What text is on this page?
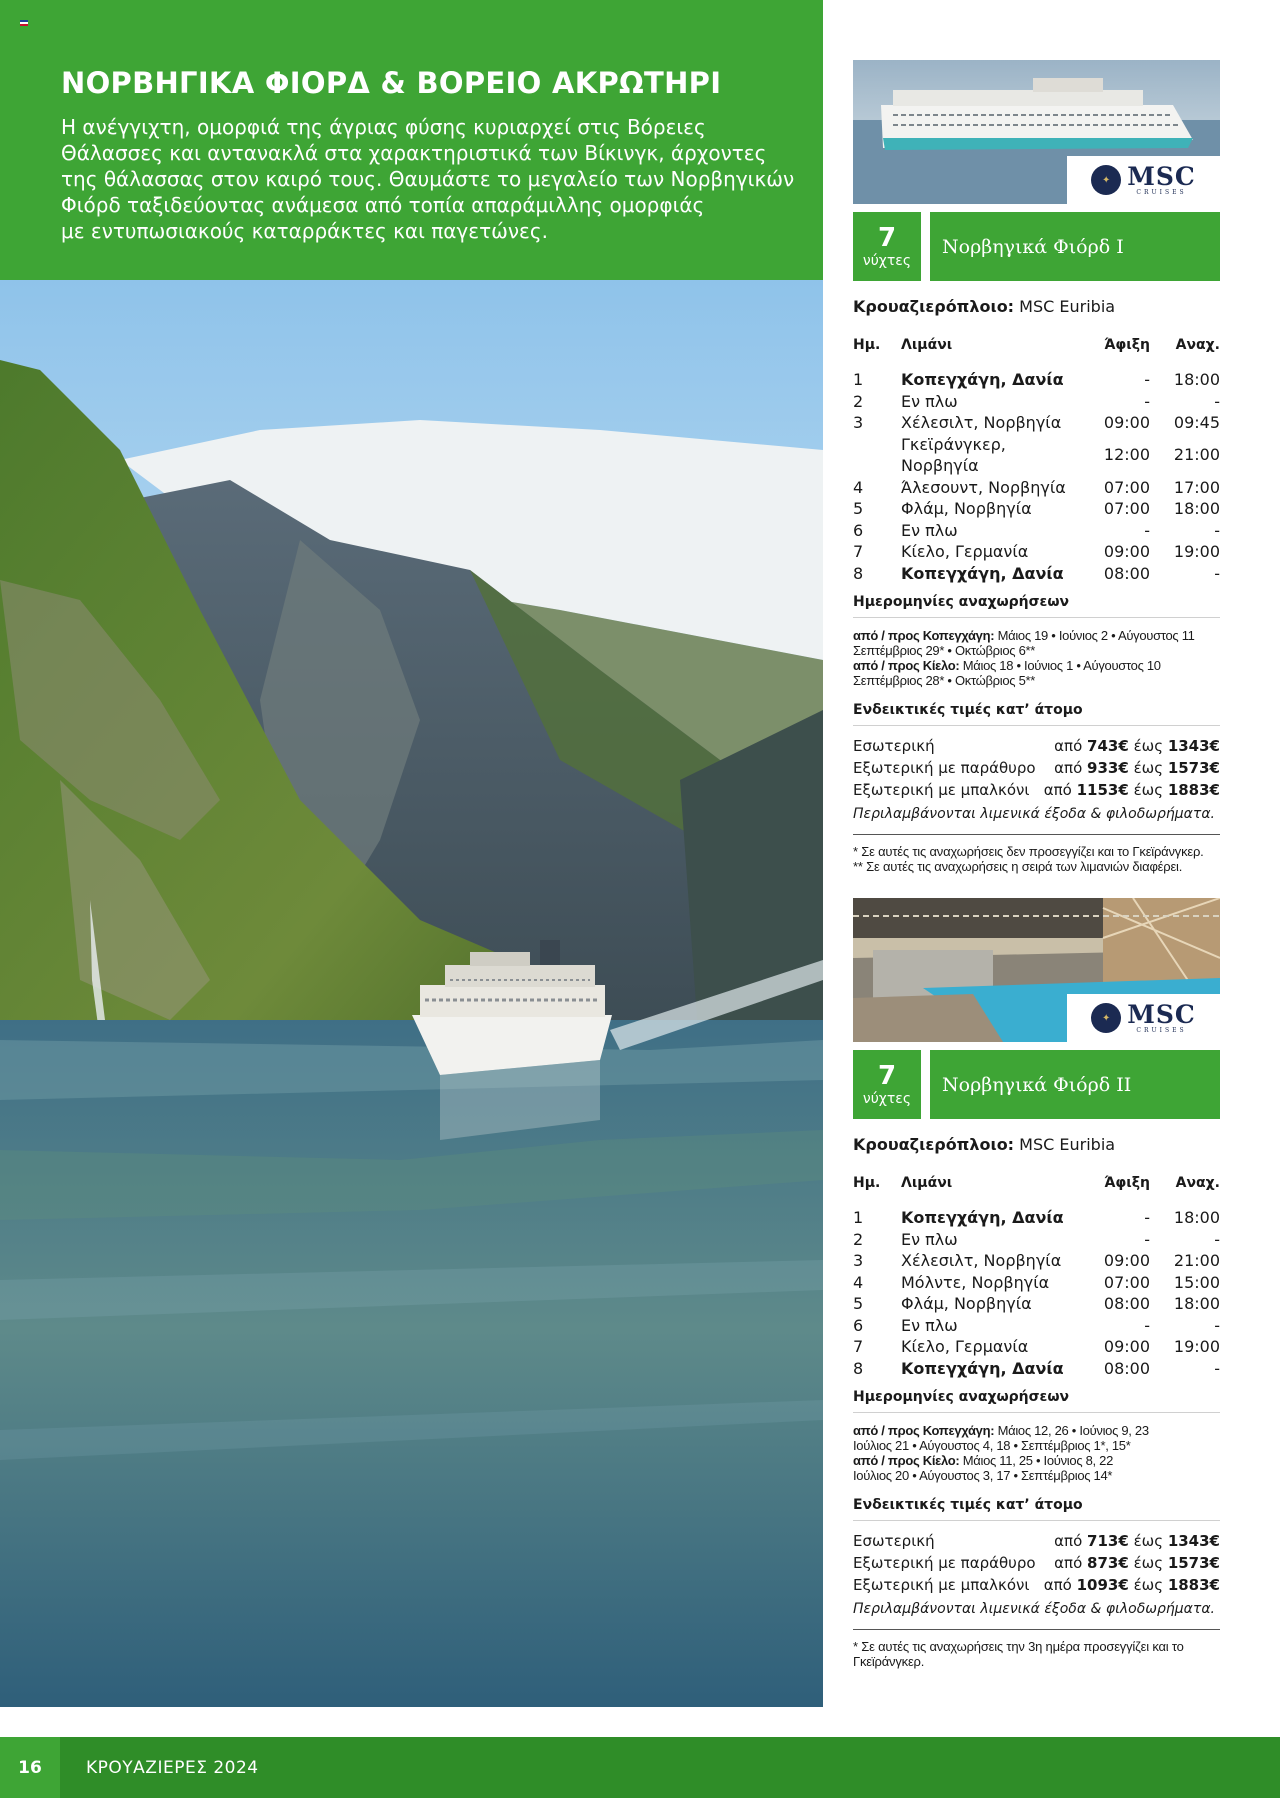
ΝΟΡΒΗΓΙΚΑ ΦΙΟΡΔ & ΒΟΡΕΙΟ ΑΚΡΩΤΗΡΙ

Η ανέγγιχτη, ομορφιά της άγριας φύσης κυριαρχεί στις Βόρειες
Θάλασσες και αντανακλά στα χαρακτηριστικά των Βίκινγκ, άρχοντες
της θάλασσας στον καιρό τους. Θαυμάστε το μεγαλείο των Νορβηγικών
Φιόρδ ταξιδεύοντας ανάμεσα από τοπία απαράμιλλης ομορφιάς
με εντυπωσιακούς καταρράκτες και παγετώνες.

✦ MSC
CRUISES
7
νύχτες
Νορβηγικά Φιόρδ Ι
Κρουαζιερόπλοιο: MSC Euribia
Ημ.	Λιμάνι	Άφιξη	Αναχ.
1	Κοπεγχάγη, Δανία	-	18:00
2	Εν πλω	-	-
3	Χέλεσιλτ, Νορβηγία	09:00	09:45
	Γκεϊράνγκερ, Νορβηγία	12:00	21:00
4	Άλεσουντ, Νορβηγία	07:00	17:00
5	Φλάμ, Νορβηγία	07:00	18:00
6	Εν πλω	-	-
7	Κίελο, Γερμανία	09:00	19:00
8	Κοπεγχάγη, Δανία	08:00	-
Ημερομηνίες αναχωρήσεων
από / προς Κοπεγχάγη: Μάιος 19 • Ιούνιος 2 • Αύγουστος 11
Σεπτέμβριος 29* • Οκτώβριος 6**
από / προς Κίελο: Μάιος 18 • Ιούνιος 1 • Αύγουστος 10
Σεπτέμβριος 28* • Οκτώβριος 5**
Ενδεικτικές τιμές κατ’ άτομο
Εσωτερική	από 743€ έως 1343€
Εξωτερική με παράθυρο από 933€ έως 1573€
Εξωτερική με μπαλκόνι από 1153€ έως 1883€
Περιλαμβάνονται λιμενικά έξοδα & φιλοδωρήματα.
* Σε αυτές τις αναχωρήσεις δεν προσεγγίζει και το Γκεϊράνγκερ.
** Σε αυτές τις αναχωρήσεις η σειρά των λιμανιών διαφέρει.
✦ MSC
CRUISES
7
νύχτες
Νορβηγικά Φιόρδ ΙΙ
Κρουαζιερόπλοιο: MSC Euribia
Ημ.	Λιμάνι	Άφιξη	Αναχ.
1	Κοπεγχάγη, Δανία	-	18:00
2	Εν πλω	-	-
3	Χέλεσιλτ, Νορβηγία	09:00	21:00
4	Μόλντε, Νορβηγία	07:00	15:00
5	Φλάμ, Νορβηγία	08:00	18:00
6	Εν πλω	-	-
7	Κίελο, Γερμανία	09:00	19:00
8	Κοπεγχάγη, Δανία	08:00	-
Ημερομηνίες αναχωρήσεων
από / προς Κοπεγχάγη: Μάιος 12, 26 • Ιούνιος 9, 23
Ιούλιος 21 • Αύγουστος 4, 18 • Σεπτέμβριος 1*, 15*
από / προς Κίελο: Μάιος 11, 25 • Ιούνιος 8, 22
Ιούλιος 20 • Αύγουστος 3, 17 • Σεπτέμβριος 14*
Ενδεικτικές τιμές κατ’ άτομο
Εσωτερική	από 713€ έως 1343€
Εξωτερική με παράθυρο από 873€ έως 1573€
Εξωτερική με μπαλκόνι από 1093€ έως 1883€
Περιλαμβάνονται λιμενικά έξοδα & φιλοδωρήματα.
* Σε αυτές τις αναχωρήσεις την 3η ημέρα προσεγγίζει και το
Γκεϊράνγκερ.
16	ΚΡΟΥΑΖΙΕΡΕΣ 2024
